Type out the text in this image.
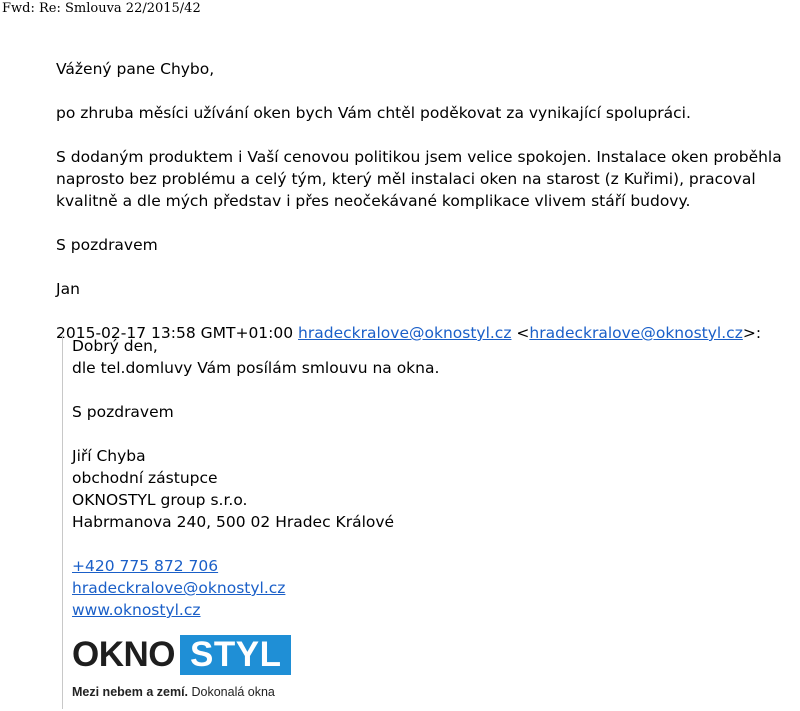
Fwd: Re: Smlouva 22/2015/42

Vážený pane Chybo,

po zhruba měsíci užívání oken bych Vám chtěl poděkovat za vynikající spolupráci.

S dodaným produktem i Vaší cenovou politikou jsem velice spokojen. Instalace oken proběhla
naprosto bez problému a celý tým, který měl instalaci oken na starost (z Kuřimi), pracoval
kvalitně a dle mých představ i přes neočekávané komplikace vlivem stáří budovy.

S pozdravem

Jan

2015-02-17 13:58 GMT+01:00 hradeckralove@oknostyl.cz <hradeckralove@oknostyl.cz>:

Dobrý den,

dle tel.domluvy Vám posílám smlouvu na okna.

S pozdravem

Jiří Chyba

obchodní zástupce

OKNOSTYL group s.r.o.

Habrmanova 240, 500 02 Hradec Králové

+420 775 872 706

hradeckralove@oknostyl.cz

www.oknostyl.cz

OKNO STYL
Mezi nebem a zemí. Dokonalá okna
